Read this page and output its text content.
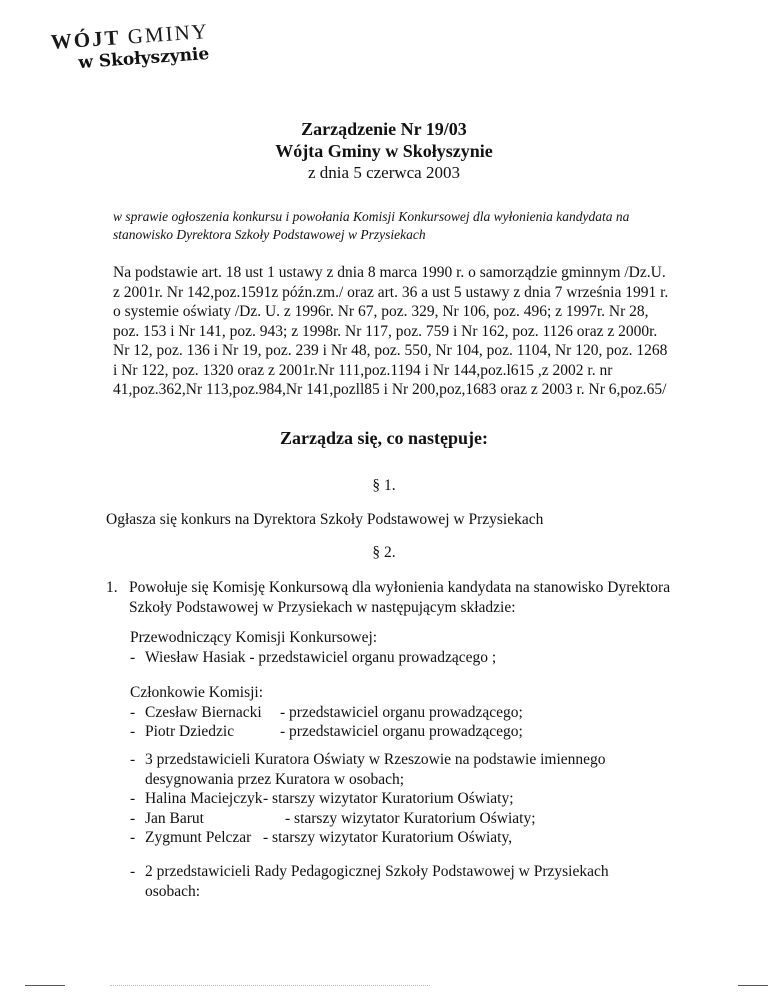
WÓJT GMINY
w Skołyszynie
Zarządzenie Nr 19/03
Wójta Gminy w Skołyszynie
z dnia 5 czerwca 2003
w sprawie ogłoszenia konkursu i powołania Komisji Konkursowej dla wyłonienia kandydata na stanowisko Dyrektora Szkoły Podstawowej w Przysiekach
Na podstawie art. 18 ust 1 ustawy z dnia 8 marca 1990 r. o samorządzie gminnym /Dz.U. z 2001r. Nr 142,poz.1591z późn.zm./ oraz art. 36 a ust 5 ustawy z dnia 7 września 1991 r. o systemie oświaty /Dz. U. z 1996r. Nr 67, poz. 329, Nr 106, poz. 496; z 1997r. Nr 28, poz. 153 i Nr 141, poz. 943; z 1998r. Nr 117, poz. 759 i Nr 162, poz. 1126 oraz z 2000r. Nr 12, poz. 136 i Nr 19, poz. 239 i Nr 48, poz. 550, Nr 104, poz. 1104, Nr 120, poz. 1268 i Nr 122, poz. 1320 oraz z 2001r.Nr 111,poz.1194 i Nr 144,poz.l615 ,z 2002 r. nr 41,poz.362,Nr 113,poz.984,Nr 141,pozll85 i Nr 200,poz,1683 oraz z 2003 r. Nr 6,poz.65/
Zarządza się, co następuje:
§ 1.
Ogłasza się konkurs na Dyrektora Szkoły Podstawowej w Przysiekach
§ 2.
1. Powołuje się Komisję Konkursową dla wyłonienia kandydata na stanowisko Dyrektora Szkoły Podstawowej w Przysiekach w następującym składzie:
Przewodniczący Komisji Konkursowej:
- Wiesław Hasiak - przedstawiciel organu prowadzącego ;
Członkowie Komisji:
- Czesław Biernacki - przedstawiciel organu prowadzącego;
- Piotr Dziedzic	- przedstawiciel organu prowadzącego;
- 3 przedstawicieli Kuratora Oświaty w Rzeszowie na podstawie imiennego
desygnowania przez Kuratora w osobach;
- Halina Maciejczyk - starszy wizytator Kuratorium Oświaty;
- Jan Barut	- starszy wizytator Kuratorium Oświaty;
- Zygmunt Pelczar - starszy wizytator Kuratorium Oświaty,
- 2 przedstawicieli Rady Pedagogicznej Szkoły Podstawowej w Przysiekach
osobach:
